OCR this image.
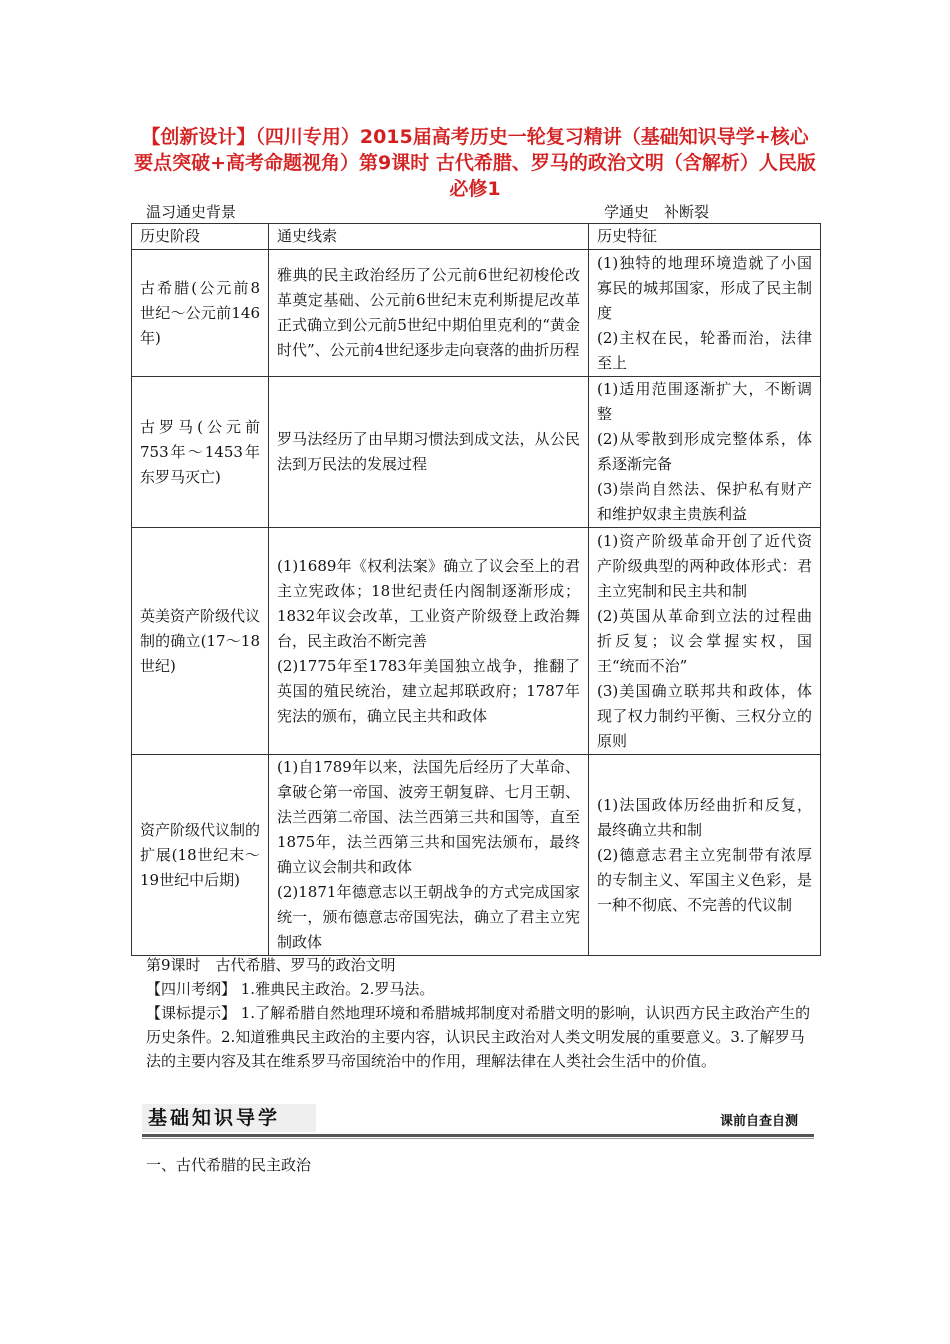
【创新设计】（四川专用）2015届高考历史一轮复习精讲（基础知识导学+核心要点突破+高考命题视角）第9课时 古代希腊、罗马的政治文明（含解析）人民版必修1
温习通史背景	学通史　补断裂
历史阶段	通史线索	历史特征
古希腊(公元前8世纪～公元前146年)	雅典的民主政治经历了公元前6世纪初梭伦改革奠定基础、公元前6世纪末克利斯提尼改革正式确立到公元前5世纪中期伯里克利的“黄金时代”、公元前4世纪逐步走向衰落的曲折历程	(1)独特的地理环境造就了小国寡民的城邦国家，形成了民主制度
(2)主权在民，轮番而治，法律至上

古罗马(公元前753年～1453年东罗马灭亡)	罗马法经历了由早期习惯法到成文法，从公民法到万民法的发展过程	(1)适用范围逐渐扩大，不断调整
(2)从零散到形成完整体系，体系逐渐完备
(3)崇尚自然法、保护私有财产和维护奴隶主贵族利益

英美资产阶级代议制的确立(17～18世纪)	(1)1689年《权利法案》确立了议会至上的君主立宪政体；18世纪责任内阁制逐渐形成；1832年议会改革，工业资产阶级登上政治舞台，民主政治不断完善
(2)1775年至1783年美国独立战争，推翻了英国的殖民统治，建立起邦联政府；1787年宪法的颁布，确立民主共和政体	(1)资产阶级革命开创了近代资产阶级典型的两种政体形式：君主立宪制和民主共和制
(2)英国从革命到立法的过程曲折反复；议会掌握实权，国王“统而不治”
(3)美国确立联邦共和政体，体现了权力制约平衡、三权分立的原则

资产阶级代议制的扩展(18世纪末～19世纪中后期)	(1)自1789年以来，法国先后经历了大革命、拿破仑第一帝国、波旁王朝复辟、七月王朝、法兰西第二帝国、法兰西第三共和国等，直至1875年，法兰西第三共和国宪法颁布，最终确立议会制共和政体
(2)1871年德意志以王朝战争的方式完成国家统一，颁布德意志帝国宪法，确立了君主立宪制政体	(1)法国政体历经曲折和反复，最终确立共和制
(2)德意志君主立宪制带有浓厚的专制主义、军国主义色彩，是一种不彻底、不完善的代议制
第9课时　古代希腊、罗马的政治文明
【四川考纲】 1.雅典民主政治。2.罗马法。
【课标提示】 1.了解希腊自然地理环境和希腊城邦制度对希腊文明的影响，认识西方民主政治产生的历史条件。2.知道雅典民主政治的主要内容，认识民主政治对人类文明发展的重要意义。3.了解罗马法的主要内容及其在维系罗马帝国统治中的作用，理解法律在人类社会生活中的价值。
基础知识导学	课前自查自测
一、古代希腊的民主政治
